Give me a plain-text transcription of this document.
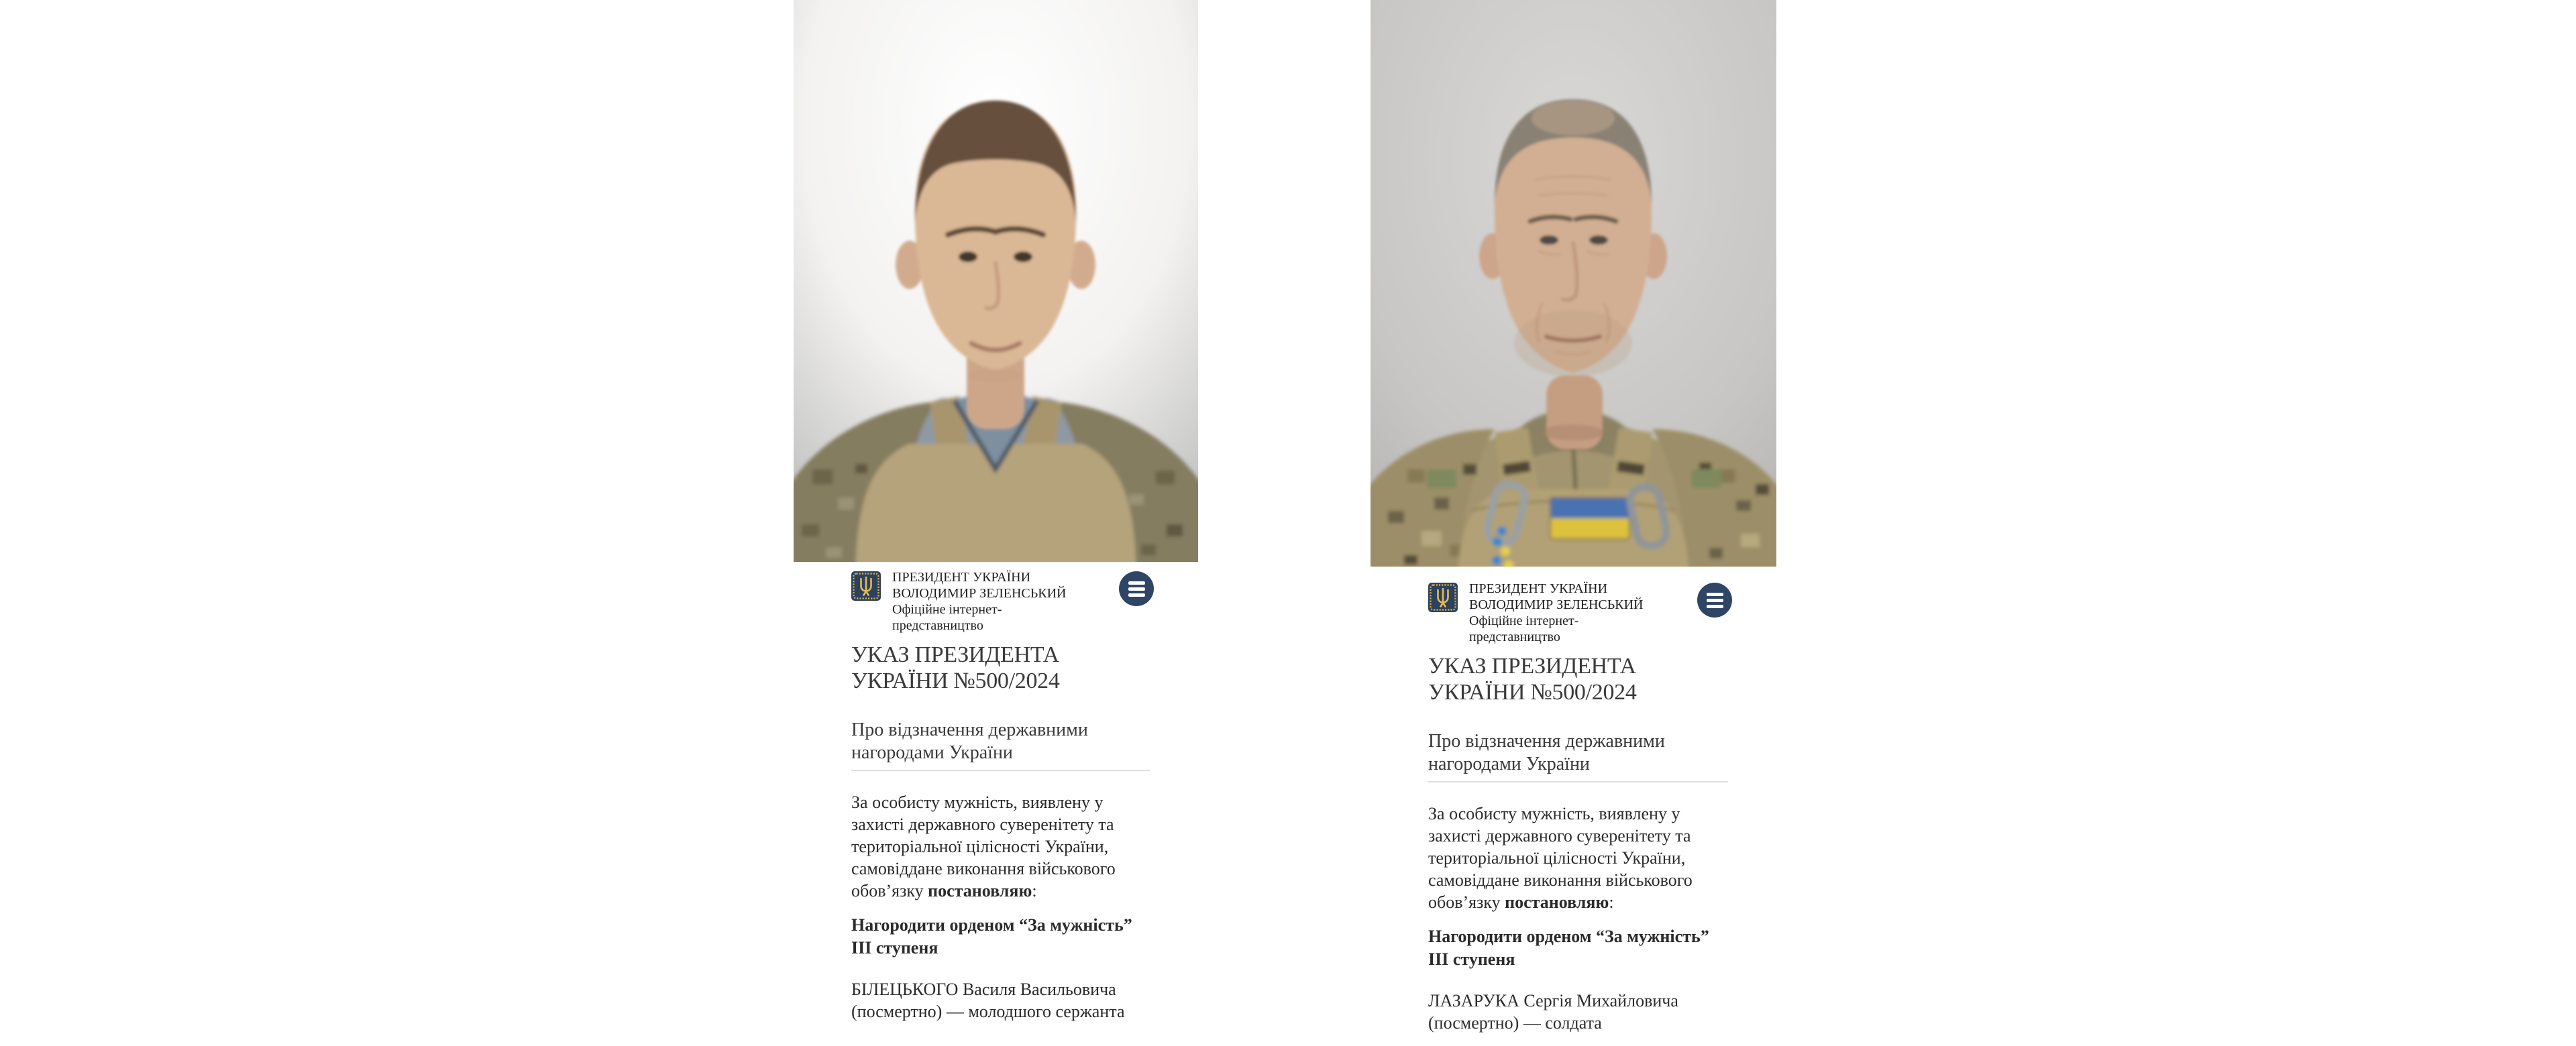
ПРЕЗИДЕНТ УКРАЇНИ
ВОЛОДИМИР ЗЕЛЕНСЬКИЙ
Офіційне інтернет-представництво
УКАЗ ПРЕЗИДЕНТА УКРАЇНИ №500/2024
Про відзначення державними нагородами України

За особисту мужність, виявлену у захисті державного суверенітету та територіальної цілісності України, самовіддане виконання військового обов’язку постановляю:

Нагородити орденом “За мужність” ІІІ ступеня

БІЛЕЦЬКОГО Василя Васильовича (посмертно) — молодшого сержанта

ПРЕЗИДЕНТ УКРАЇНИ
ВОЛОДИМИР ЗЕЛЕНСЬКИЙ
Офіційне інтернет-представництво
УКАЗ ПРЕЗИДЕНТА УКРАЇНИ №500/2024
Про відзначення державними нагородами України

За особисту мужність, виявлену у захисті державного суверенітету та територіальної цілісності України, самовіддане виконання військового обов’язку постановляю:

Нагородити орденом “За мужність” ІІІ ступеня

ЛАЗАРУКА Сергія Михайловича (посмертно) — солдата
